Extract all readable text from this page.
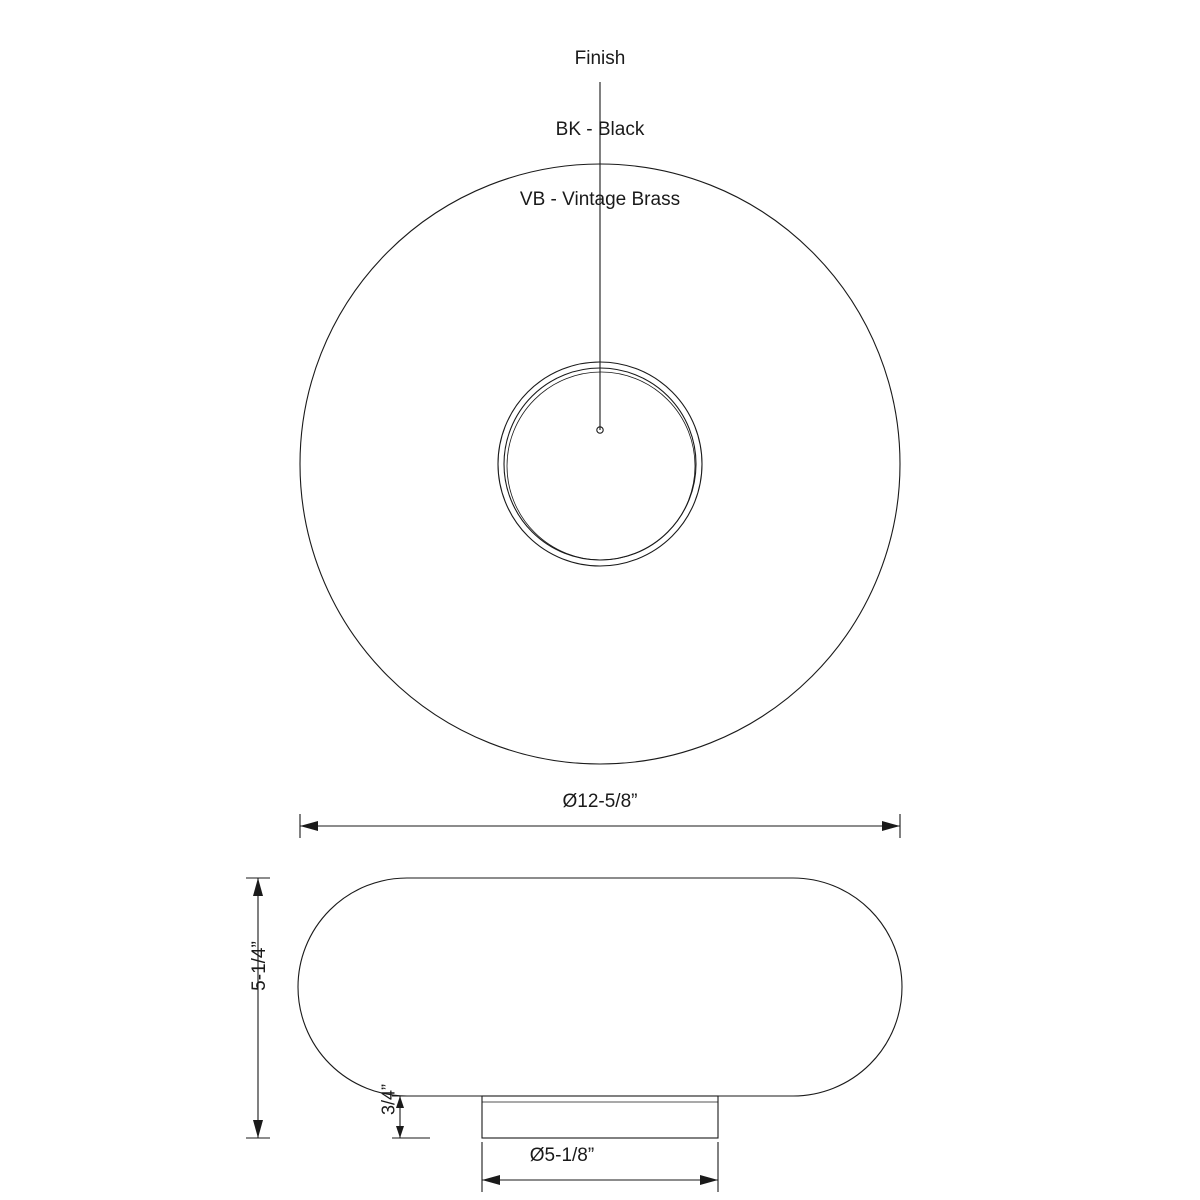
Finish

BK - Black

VB - Vintage Brass

Ø12-5/8”
5-1/4”
3/4”
Ø5-1/8”
